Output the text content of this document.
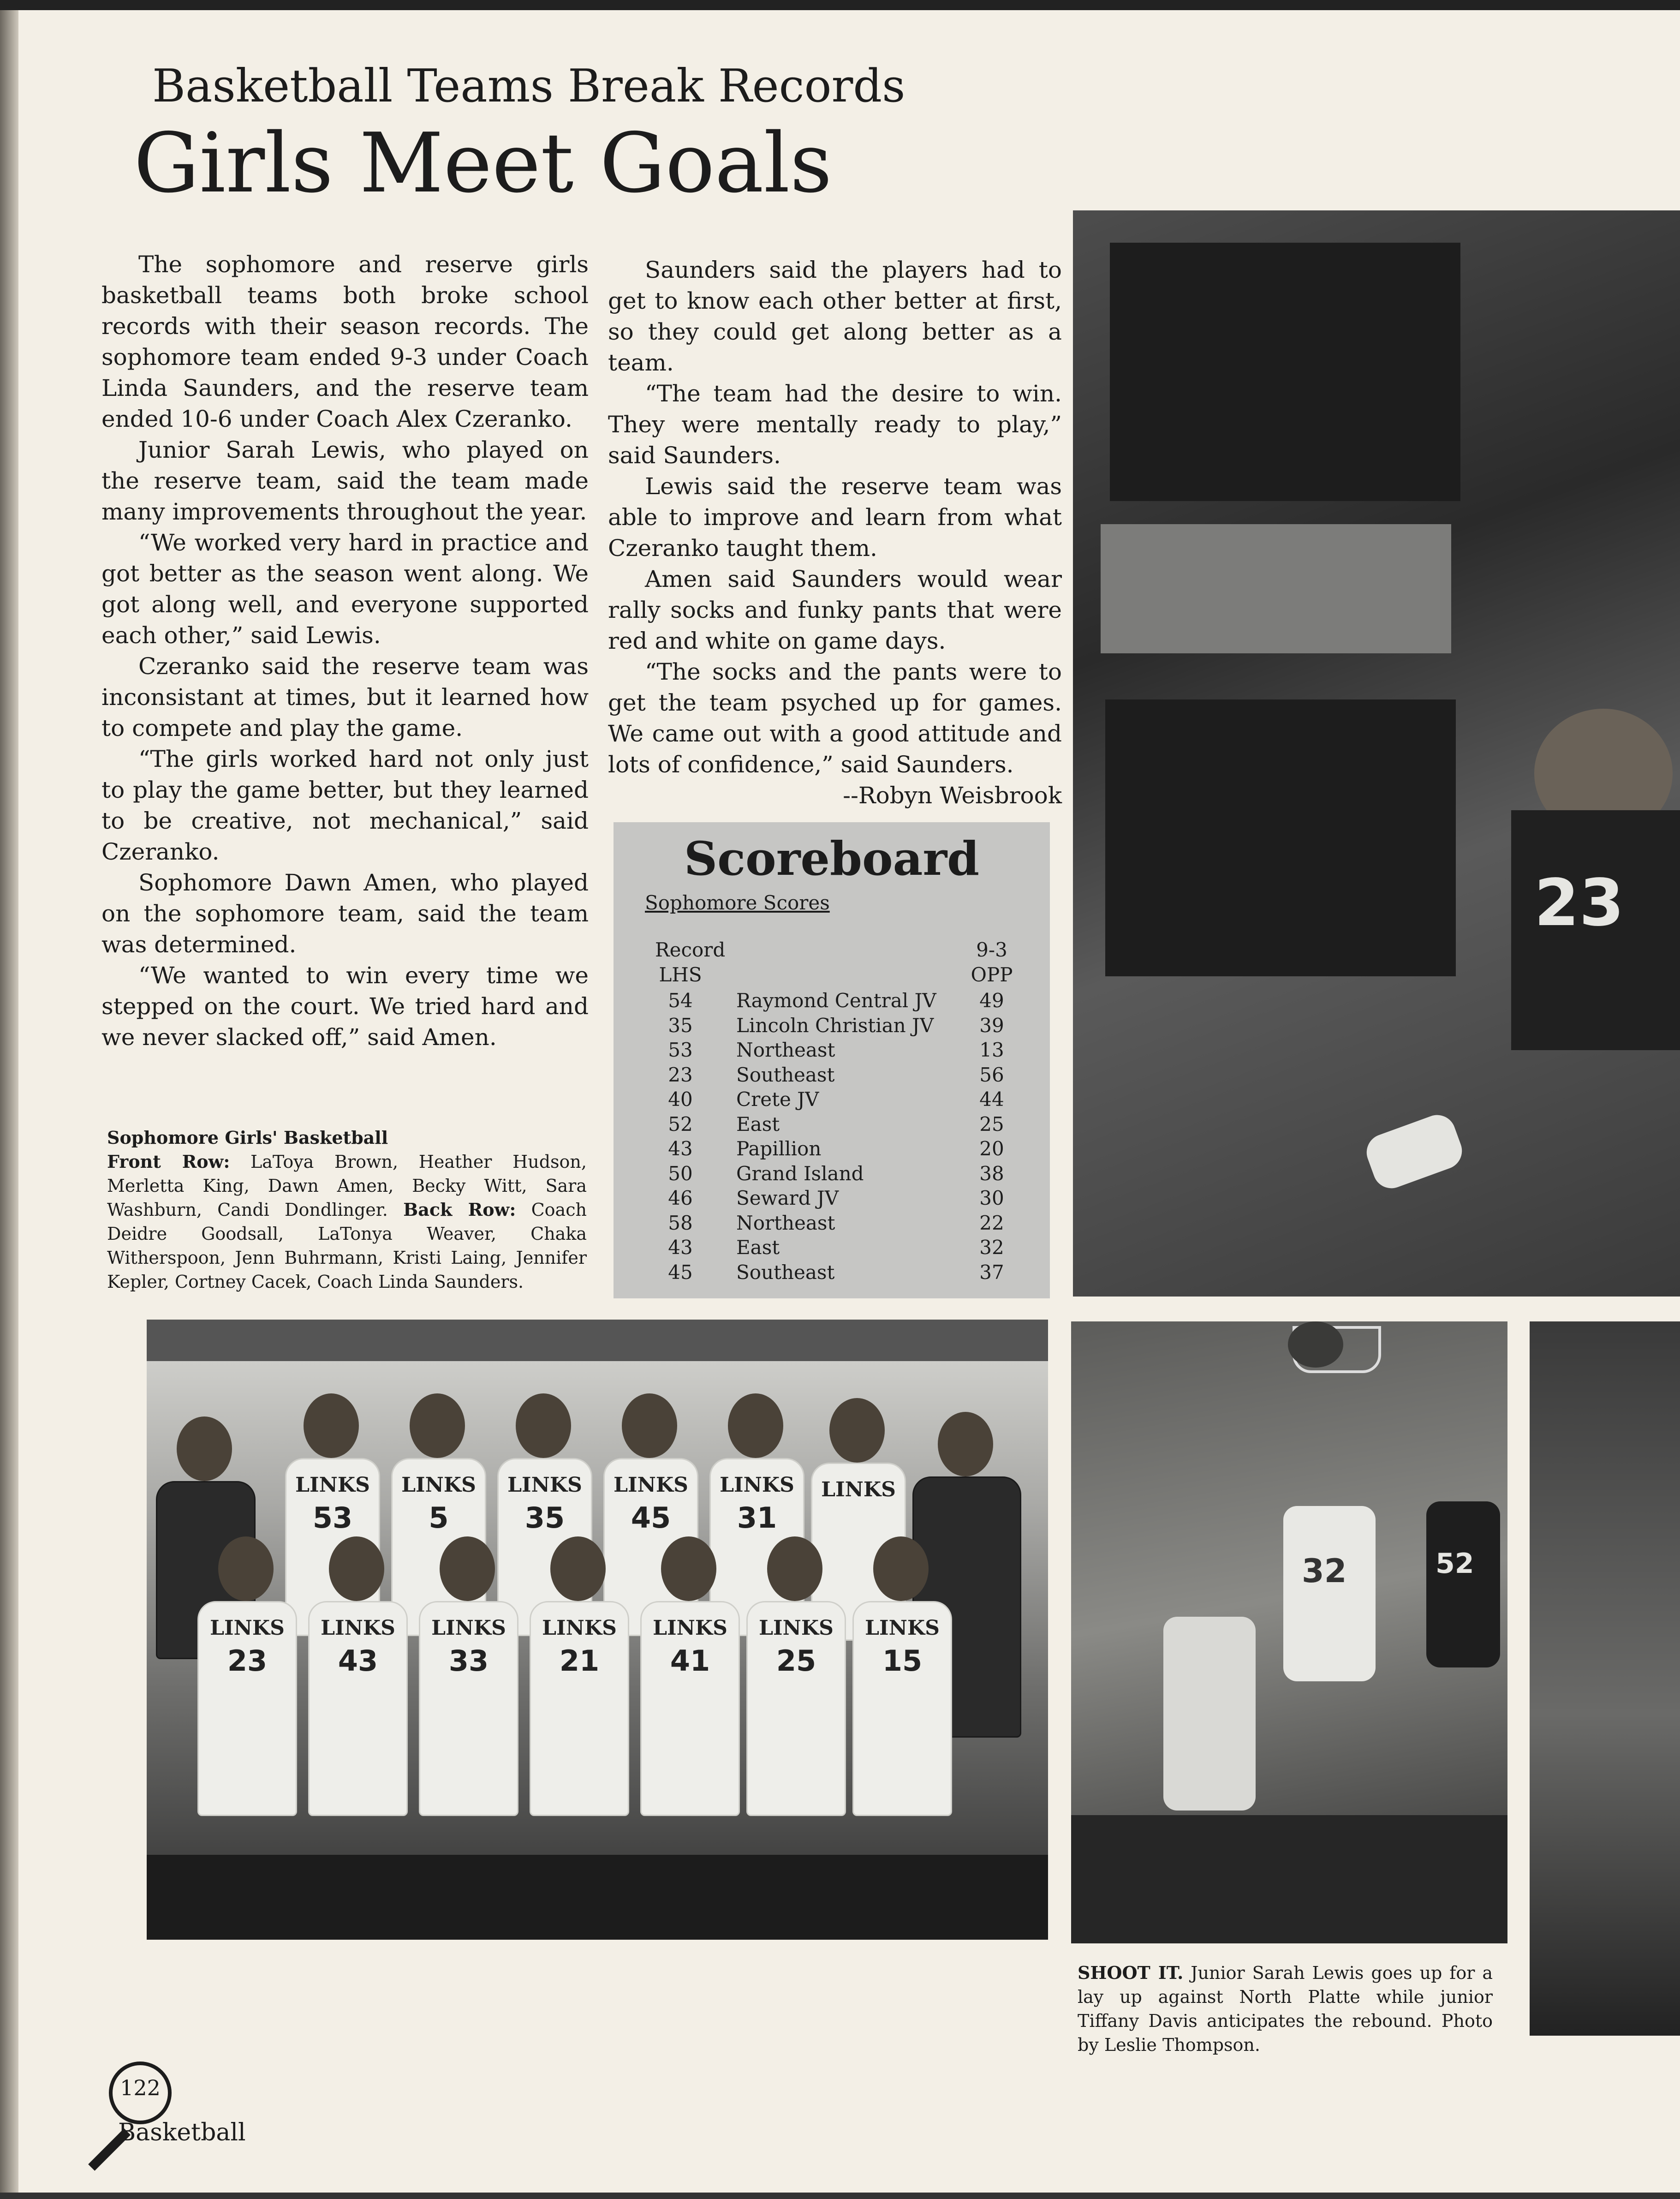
Basketball Teams Break Records
Girls Meet Goals

The sophomore and reserve girls basketball teams both broke school records with their season records. The sophomore team ended 9-3 under Coach Linda Saunders, and the reserve team ended 10-6 under Coach Alex Czeranko.

Junior Sarah Lewis, who played on the reserve team, said the team made many improvements throughout the year.

“We worked very hard in practice and got better as the season went along. We got along well, and everyone supported each other,” said Lewis.

Czeranko said the reserve team was inconsistant at times, but it learned how to compete and play the game.

“The girls worked hard not only just to play the game better, but they learned to be creative, not mechanical,” said Czeranko.

Sophomore Dawn Amen, who played on the sophomore team, said the team was determined.

“We wanted to win every time we stepped on the court. We tried hard and we never slacked off,” said Amen.

Saunders said the players had to get to know each other better at first, so they could get along better as a team.

“The team had the desire to win. They were mentally ready to play,” said Saunders.

Lewis said the reserve team was able to improve and learn from what Czeranko taught them.

Amen said Saunders would wear rally socks and funky pants that were red and white on game days.

“The socks and the pants were to get the team psyched up for games. We came out with a good attitude and lots of confidence,” said Saunders.

--Robyn Weisbrook

Sophomore Girls' Basketball
Front Row: LaToya Brown, Heather Hudson, Merletta King, Dawn Amen, Becky Witt, Sara Washburn, Candi Dondlinger. Back Row: Coach Deidre Goodsall, LaTonya Weaver, Chaka Witherspoon, Jenn Buhrmann, Kristi Laing, Jennifer Kepler, Cortney Cacek, Coach Linda Saunders.
Scoreboard
Sophomore Scores
Record	9-3
LHS	OPP
54	Raymond Central JV	49
35	Lincoln Christian JV	39
53	Northeast	13
23	Southeast	56
40	Crete JV	44
52	East	25
43	Papillion	20
50	Grand Island	38
46	Seward JV	30
58	Northeast	22
43	East	32
45	Southeast	37
23
LINKS
53
LINKS
5
LINKS
35
LINKS
45
LINKS
31
LINKS
LINKS
23
LINKS
43
LINKS
33
LINKS
21
LINKS
41
LINKS
25
LINKS
15
32	52
SHOOT IT. Junior Sarah Lewis goes up for a lay up against North Platte while junior Tiffany Davis anticipates the rebound. Photo by Leslie Thompson.
122
Basketball
